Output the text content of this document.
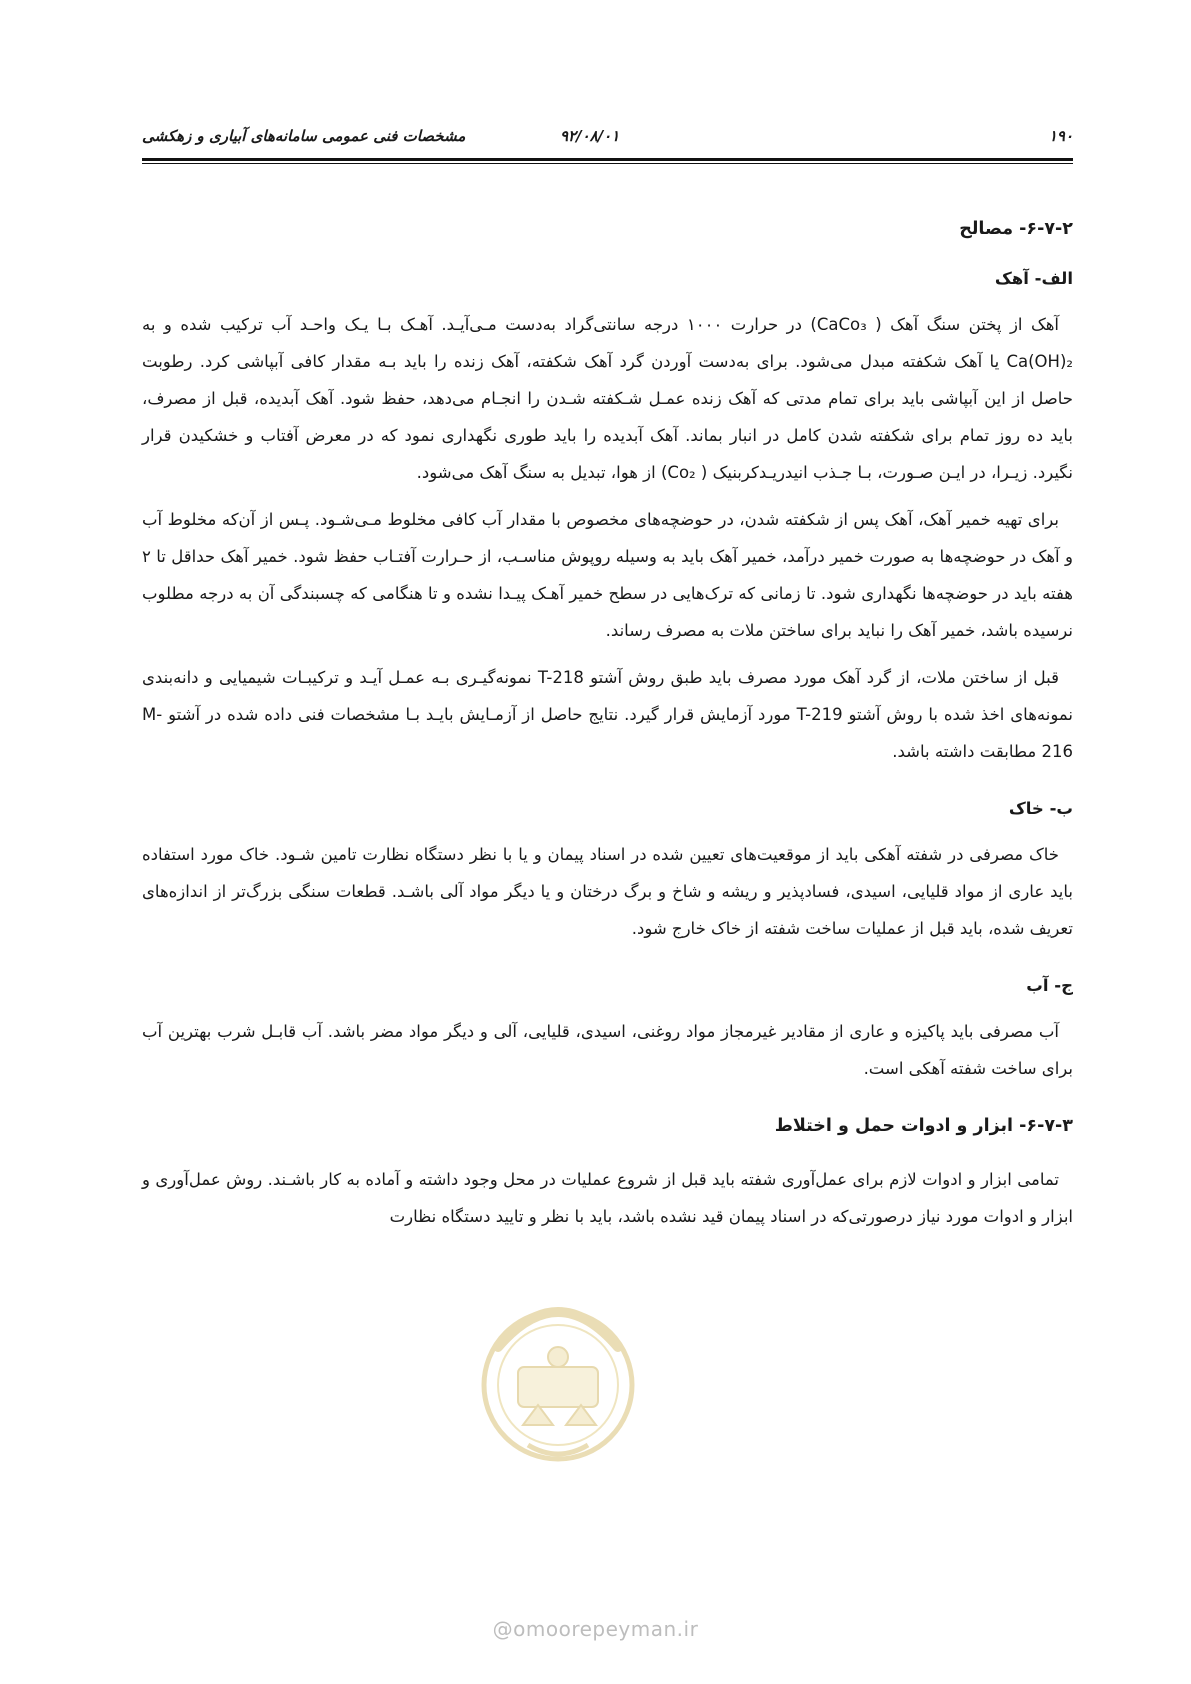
۱۹۰
۹۲/۰۸/۰۱
مشخصات فنی عمومی سامانه‌های آبیاری و زهکشی
۶-۷-۲- مصالح
الف- آهک

آهک از پختن سنگ آهک ( CaCo₃) در حرارت ۱۰۰۰ درجه سانتی‌گراد به‌دست مـی‌آیـد. آهـک بـا یـک واحـد آب ترکیب شده و به Ca(OH)₂ یا آهک شکفته مبدل می‌شود. برای به‌دست آوردن گرد آهک شکفته، آهک زنده را باید بـه مقدار کافی آبپاشی کرد. رطوبت حاصل از این آبپاشی باید برای تمام مدتی که آهک زنده عمـل شـکفته شـدن را انجـام می‌دهد، حفظ شود. آهک آبدیده، قبل از مصرف، باید ده روز تمام برای شکفته شدن کامل در انبار بماند. آهک آبدیده را باید طوری نگهداری نمود که در معرض آفتاب و خشکیدن قرار نگیرد. زیـرا، در ایـن صـورت، بـا جـذب انیدریـدکربنیک ( Co₂) از هوا، تبدیل به سنگ آهک می‌شود.

برای تهیه خمیر آهک، آهک پس از شکفته شدن، در حوضچه‌های مخصوص با مقدار آب کافی مخلوط مـی‌شـود. پـس از آن‌که مخلوط آب و آهک در حوضچه‌ها به صورت خمیر درآمد، خمیر آهک باید به وسیله روپوش مناسـب، از حـرارت آفتـاب حفظ شود. خمیر آهک حداقل تا ۲ هفته باید در حوضچه‌ها نگهداری شود. تا زمانی که ترک‌هایی در سطح خمیر آهـک پیـدا نشده و تا هنگامی که چسبندگی آن به درجه مطلوب نرسیده باشد، خمیر آهک را نباید برای ساختن ملات به مصرف رساند.

قبل از ساختن ملات، از گرد آهک مورد مصرف باید طبق روش آشتو T-218 نمونه‌گیـری بـه عمـل آیـد و ترکیبـات شیمیایی و دانه‌بندی نمونه‌های اخذ شده با روش آشتو T-219 مورد آزمایش قرار گیرد. نتایج حاصل از آزمـایش بایـد بـا مشخصات فنی داده شده در آشتو M-216 مطابقت داشته باشد.

ب- خاک

خاک مصرفی در شفته آهکی باید از موقعیت‌های تعیین شده در اسناد پیمان و یا با نظر دستگاه نظارت تامین شـود. خاک مورد استفاده باید عاری از مواد قلیایی، اسیدی، فسادپذیر و ریشه و شاخ و برگ درختان و یا دیگر مواد آلی باشـد. قطعات سنگی بزرگ‌تر از اندازه‌های تعریف شده، باید قبل از عملیات ساخت شفته از خاک خارج شود.

ج- آب

آب مصرفی باید پاکیزه و عاری از مقادیر غیرمجاز مواد روغنی، اسیدی، قلیایی، آلی و دیگر مواد مضر باشد. آب قابـل شرب بهترین آب برای ساخت شفته آهکی است.

۶-۷-۳- ابزار و ادوات حمل و اختلاط

تمامی ابزار و ادوات لازم برای عمل‌آوری شفته باید قبل از شروع عملیات در محل وجود داشته و آماده به کار باشـند. روش عمل‌آوری و ابزار و ادوات مورد نیاز درصورتی‌که در اسناد پیمان قید نشده باشد، باید با نظر و تایید دستگاه نظارت

@omoorepeyman.ir
